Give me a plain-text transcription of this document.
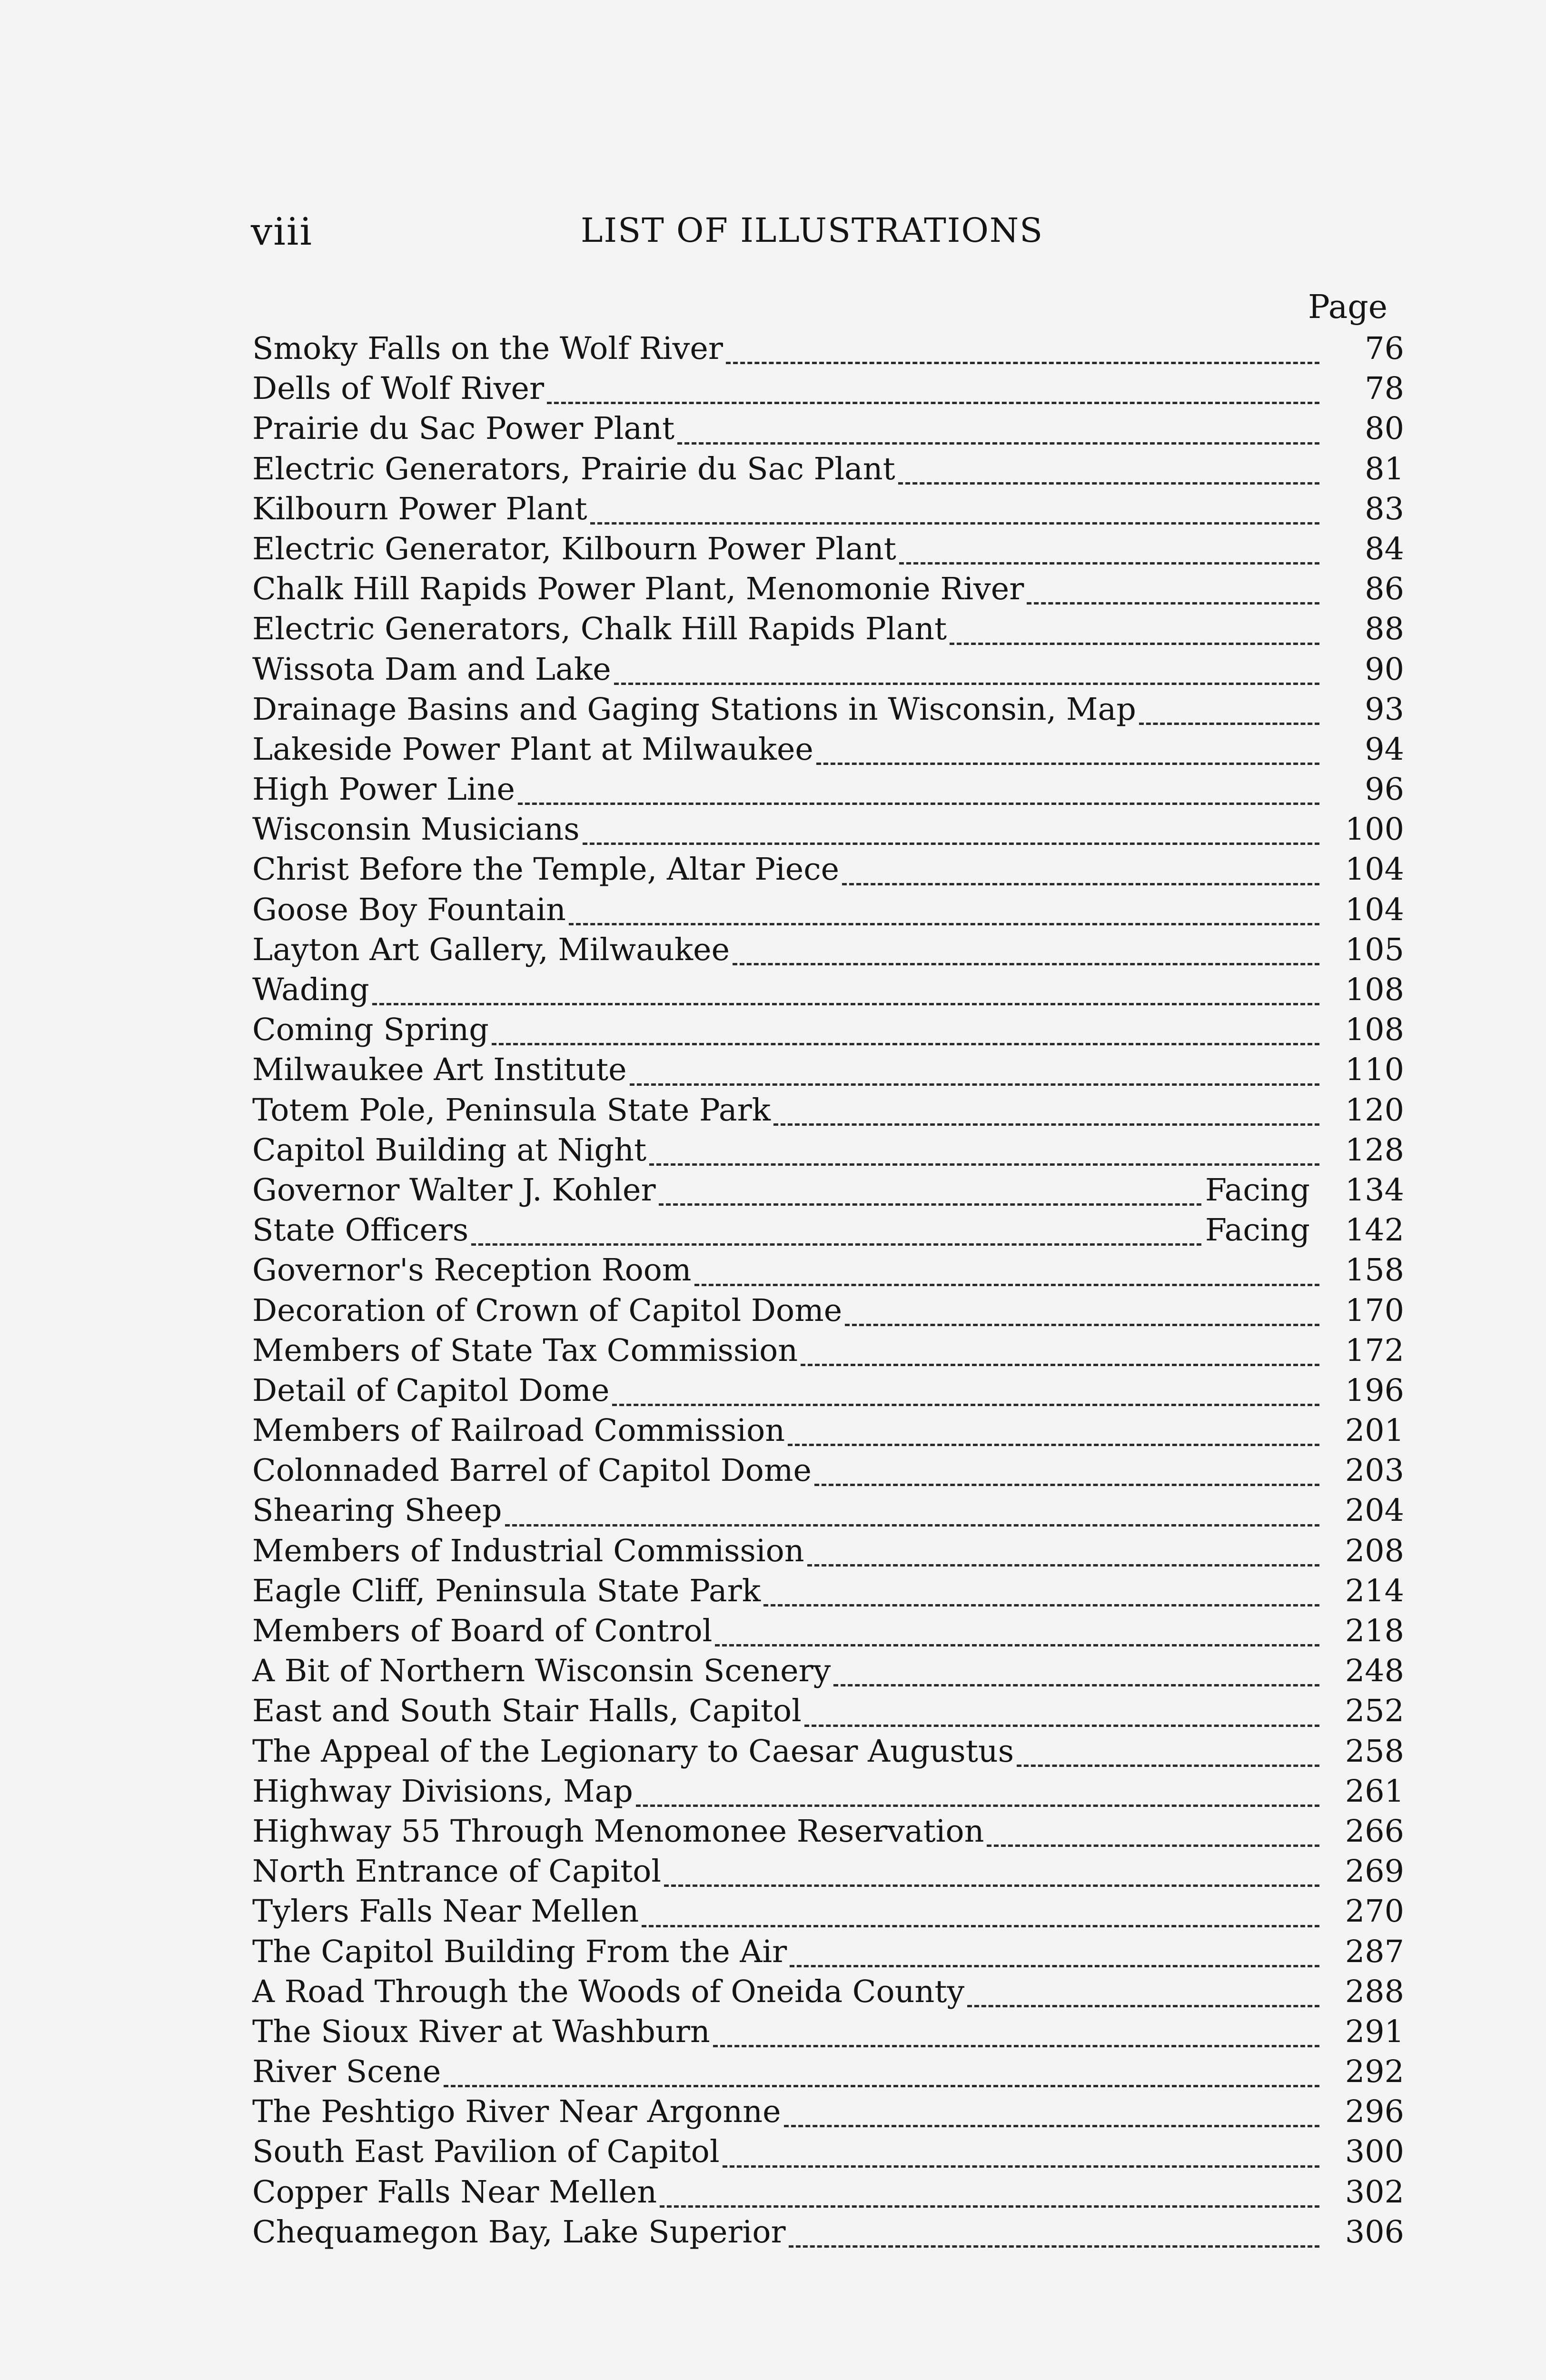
viii	LIST OF ILLUSTRATIONS
Page
Smoky Falls on the Wolf River	76
Dells of Wolf River	78
Prairie du Sac Power Plant	80
Electric Generators, Prairie du Sac Plant	81
Kilbourn Power Plant	83
Electric Generator, Kilbourn Power Plant	84
Chalk Hill Rapids Power Plant, Menomonie River	86
Electric Generators, Chalk Hill Rapids Plant	88
Wissota Dam and Lake	90
Drainage Basins and Gaging Stations in Wisconsin, Map	93
Lakeside Power Plant at Milwaukee	94
High Power Line	96
Wisconsin Musicians	100
Christ Before the Temple, Altar Piece	104
Goose Boy Fountain	104
Layton Art Gallery, Milwaukee	105
Wading	108
Coming Spring	108
Milwaukee Art Institute	110
Totem Pole, Peninsula State Park	120
Capitol Building at Night	128
Governor Walter J. Kohler	Facing	134
State Officers	Facing	142
Governor's Reception Room	158
Decoration of Crown of Capitol Dome	170
Members of State Tax Commission	172
Detail of Capitol Dome	196
Members of Railroad Commission	201
Colonnaded Barrel of Capitol Dome	203
Shearing Sheep	204
Members of Industrial Commission	208
Eagle Cliff, Peninsula State Park	214
Members of Board of Control	218
A Bit of Northern Wisconsin Scenery	248
East and South Stair Halls, Capitol	252
The Appeal of the Legionary to Caesar Augustus	258
Highway Divisions, Map	261
Highway 55 Through Menomonee Reservation	266
North Entrance of Capitol	269
Tylers Falls Near Mellen	270
The Capitol Building From the Air	287
A Road Through the Woods of Oneida County	288
The Sioux River at Washburn	291
River Scene	292
The Peshtigo River Near Argonne	296
South East Pavilion of Capitol	300
Copper Falls Near Mellen	302
Chequamegon Bay, Lake Superior	306
